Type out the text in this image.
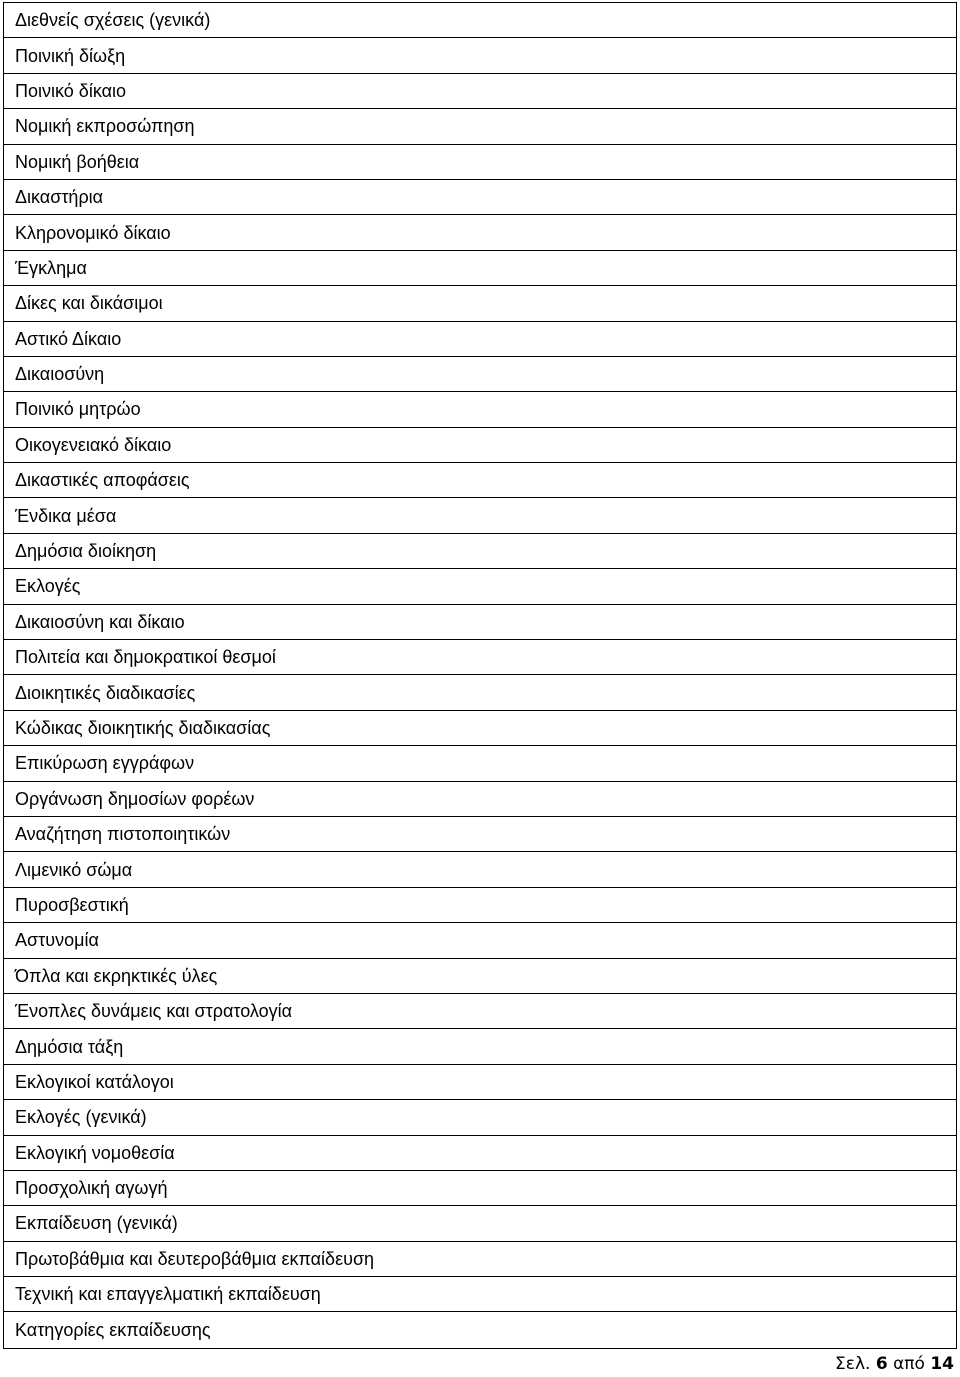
Διεθνείς σχέσεις (γενικά)
Ποινική δίωξη
Ποινικό δίκαιο
Νομική εκπροσώπηση
Νομική βοήθεια
Δικαστήρια
Κληρονομικό δίκαιο
Έγκλημα
Δίκες και δικάσιμοι
Αστικό Δίκαιο
Δικαιοσύνη
Ποινικό μητρώο
Οικογενειακό δίκαιο
Δικαστικές αποφάσεις
Ένδικα μέσα
Δημόσια διοίκηση
Εκλογές
Δικαιοσύνη και δίκαιο
Πολιτεία και δημοκρατικοί θεσμοί
Διοικητικές διαδικασίες
Κώδικας διοικητικής διαδικασίας
Επικύρωση εγγράφων
Οργάνωση δημοσίων φορέων
Αναζήτηση πιστοποιητικών
Λιμενικό σώμα
Πυροσβεστική
Αστυνομία
Όπλα και εκρηκτικές ύλες
Ένοπλες δυνάμεις και στρατολογία
Δημόσια τάξη
Εκλογικοί κατάλογοι
Εκλογές (γενικά)
Εκλογική νομοθεσία
Προσχολική αγωγή
Εκπαίδευση (γενικά)
Πρωτοβάθμια και δευτεροβάθμια εκπαίδευση
Τεχνική και επαγγελματική εκπαίδευση
Κατηγορίες εκπαίδευσης
Σελ. 6 από 14
